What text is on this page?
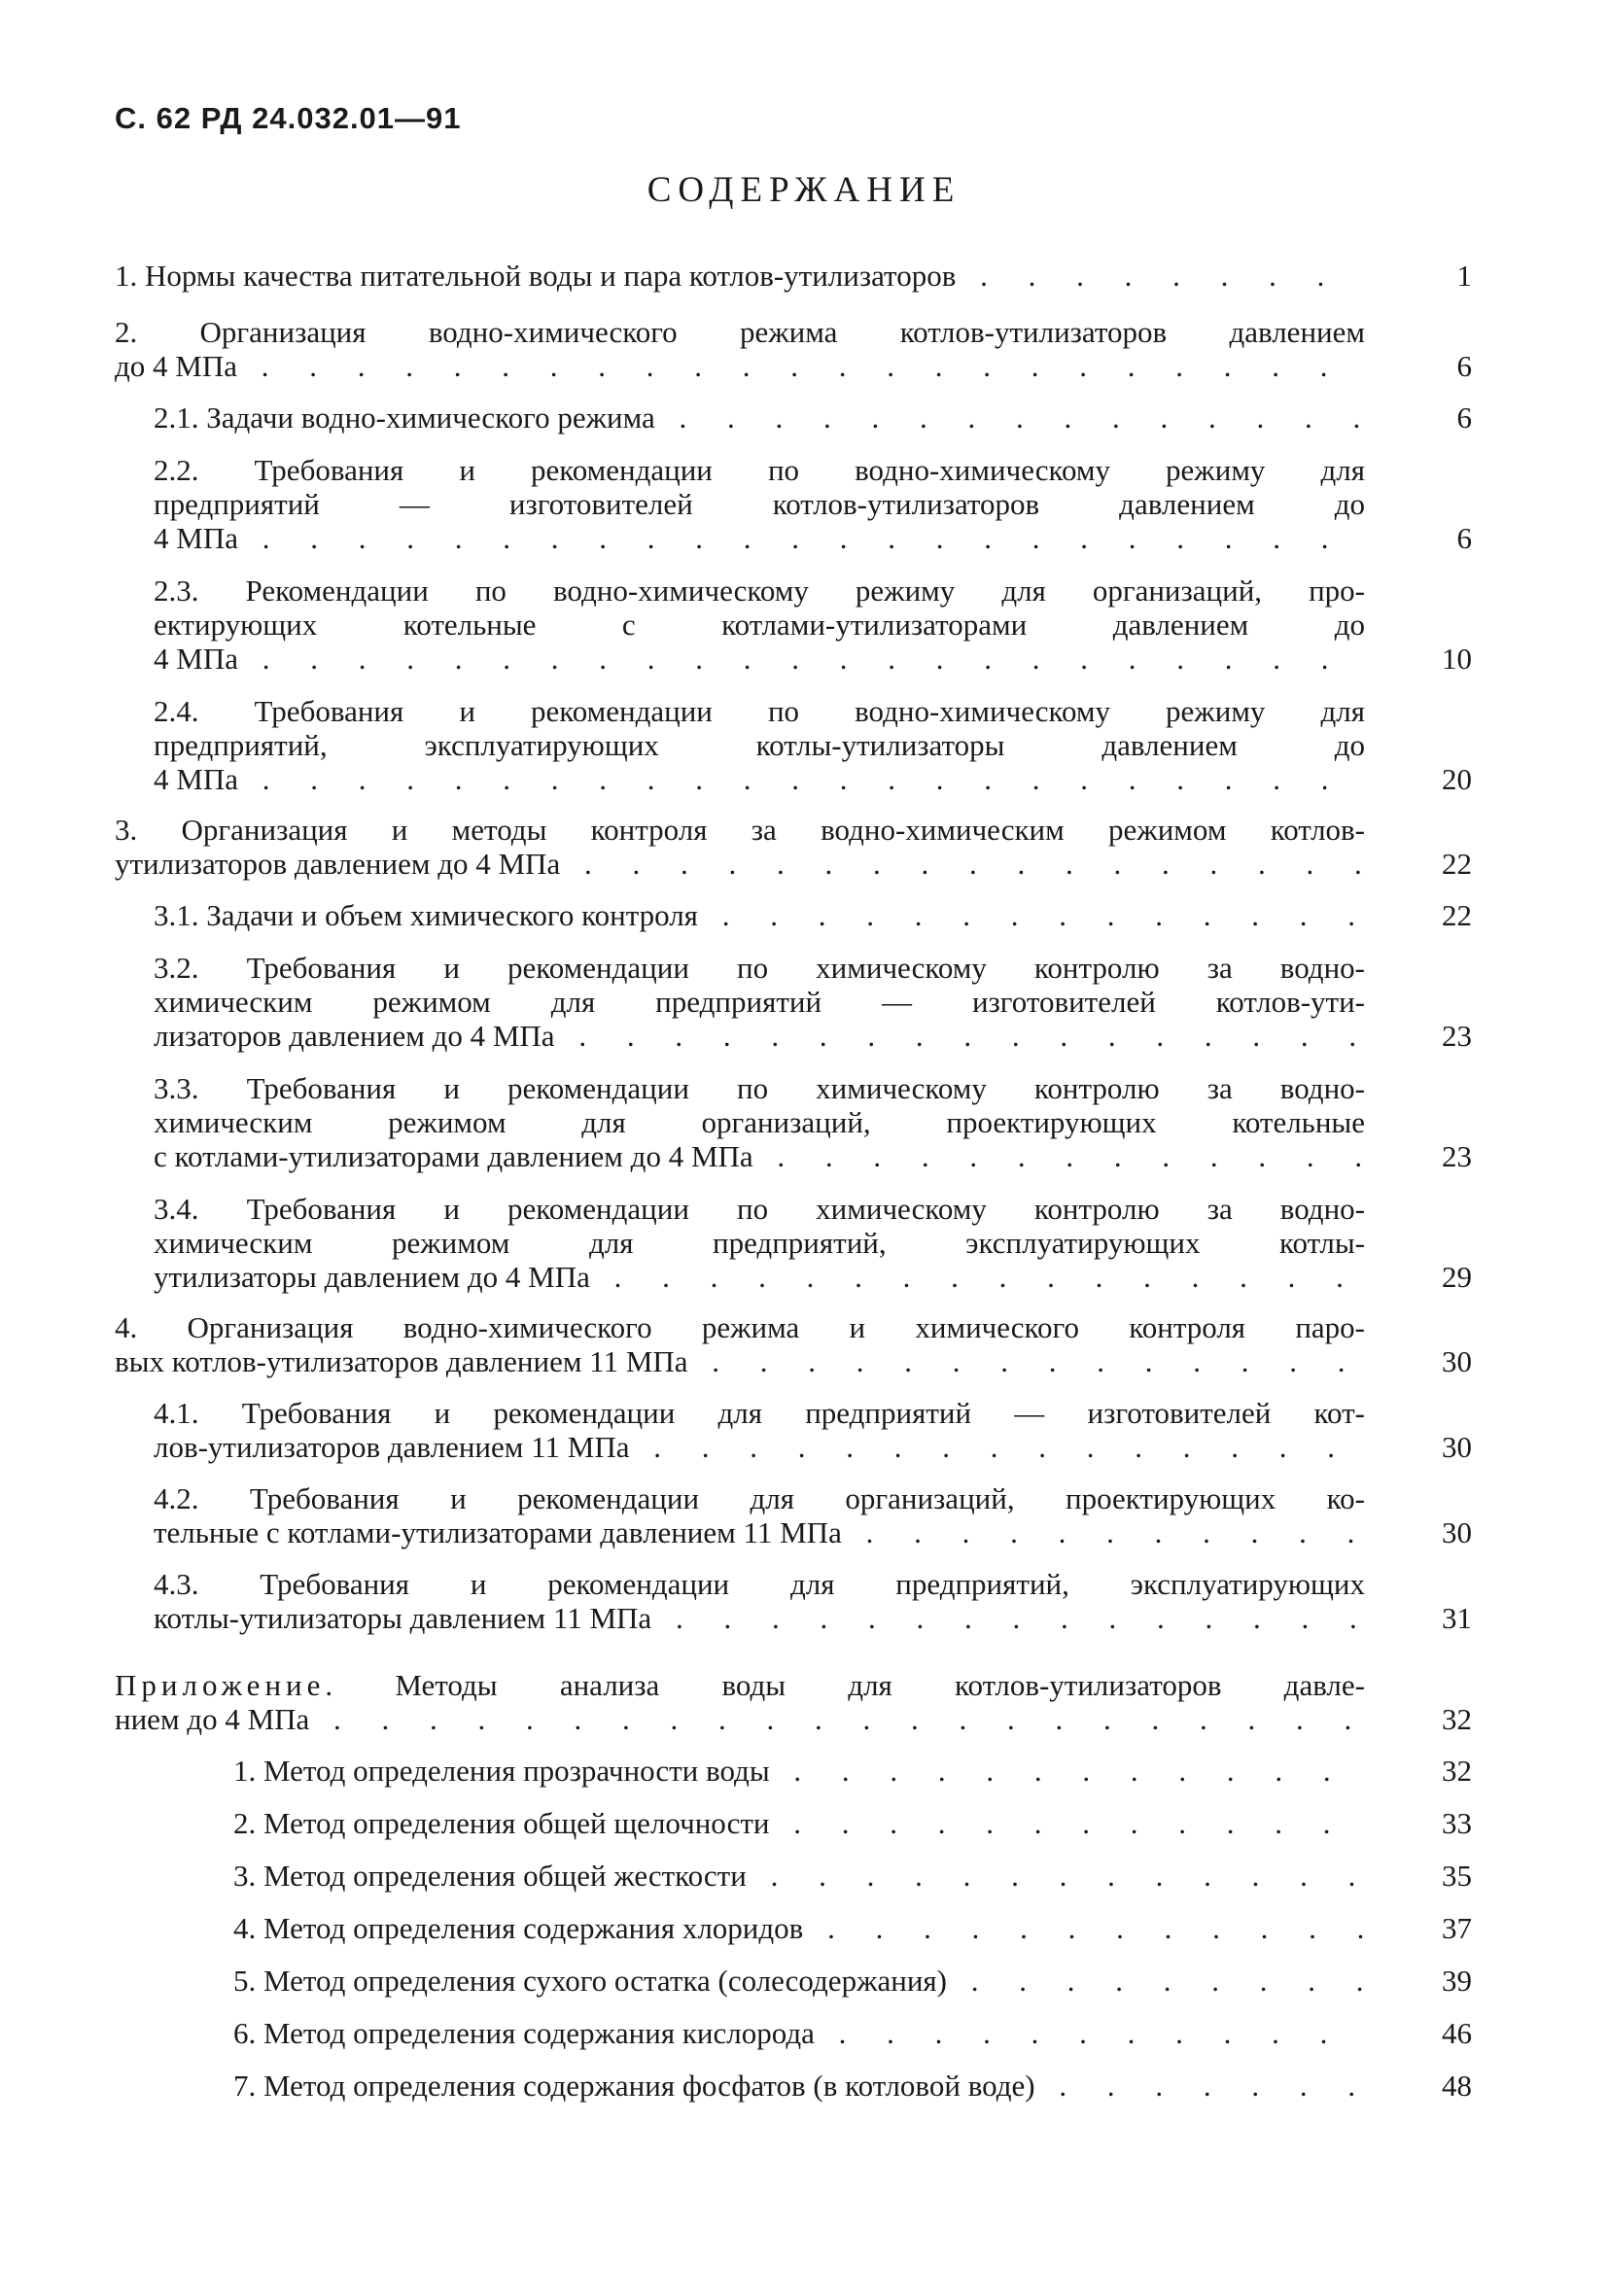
С. 62 РД 24.032.01—91
СОДЕРЖАНИЕ
1. Нормы качества питательной воды и пара котлов-утилизаторов . . .	1
2. Организация водно-химического режима котлов-утилизаторов давлением
до 4 МПа . . .	6
2.1. Задачи водно-химического режима . . .	6
2.2. Требования и рекомендации по водно-химическому режиму для
предприятий — изготовителей котлов-утилизаторов давлением до
4 МПа . . .	6
2.3. Рекомендации по водно-химическому режиму для организаций, про-
ектирующих котельные с котлами-утилизаторами давлением до
4 МПа . . .	10
2.4. Требования и рекомендации по водно-химическому режиму для
предприятий, эксплуатирующих котлы-утилизаторы давлением до
4 МПа . . .	20
3. Организация и методы контроля за водно-химическим режимом котлов-
утилизаторов давлением до 4 МПа . . .	22
3.1. Задачи и объем химического контроля . . .	22
3.2. Требования и рекомендации по химическому контролю за водно-
химическим режимом для предприятий — изготовителей котлов-ути-
лизаторов давлением до 4 МПа . . .	23
3.3. Требования и рекомендации по химическому контролю за водно-
химическим режимом для организаций, проектирующих котельные
с котлами-утилизаторами давлением до 4 МПа . . .	23
3.4. Требования и рекомендации по химическому контролю за водно-
химическим режимом для предприятий, эксплуатирующих котлы-
утилизаторы давлением до 4 МПа . . .	29
4. Организация водно-химического режима и химического контроля паро-
вых котлов-утилизаторов давлением 11 МПа . . .	30
4.1. Требования и рекомендации для предприятий — изготовителей кот-
лов-утилизаторов давлением 11 МПа . . .	30
4.2. Требования и рекомендации для организаций, проектирующих ко-
тельные с котлами-утилизаторами давлением 11 МПа . . .	30
4.3. Требования и рекомендации для предприятий, эксплуатирующих
котлы-утилизаторы давлением 11 МПа . . .	31
Приложение. Методы анализа воды для котлов-утилизаторов давле-
нием до 4 МПа . . .	32
1. Метод определения прозрачности воды . . .	32
2. Метод определения общей щелочности . . .	33
3. Метод определения общей жесткости . . .	35
4. Метод определения содержания хлоридов . . .	37
5. Метод определения сухого остатка (солесодержания) . . .	39
6. Метод определения содержания кислорода . . .	46
7. Метод определения содержания фосфатов (в котловой воде) . . .	48
